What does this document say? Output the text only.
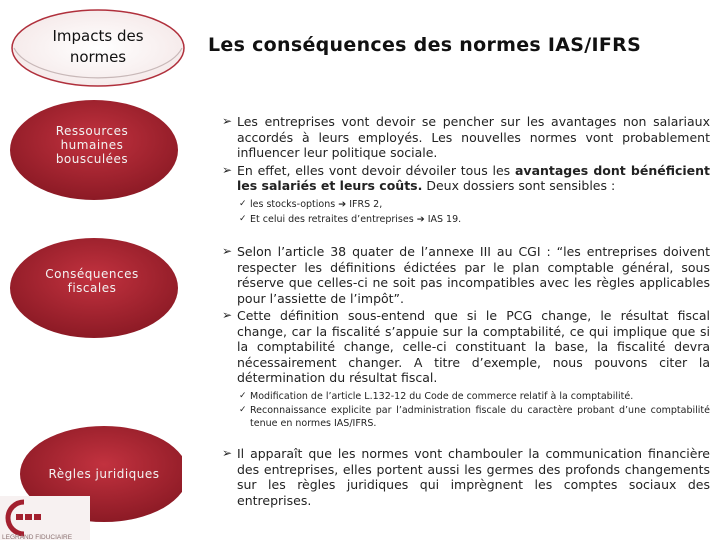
Impacts des
normes
Les conséquences des normes IAS/IFRS
Ressources
humaines
bousculées
Conséquences
fiscales
Règles juridiques
➢ Les entreprises vont devoir se pencher sur les avantages non salariaux accordés à leurs employés. Les nouvelles normes vont probablement influencer leur politique sociale.
➢ En effet, elles vont devoir dévoiler tous les avantages dont bénéficient les salariés et leurs coûts. Deux dossiers sont sensibles :
✓ les stocks-options ➔ IFRS 2,
✓ Et celui des retraites d’entreprises ➔ IAS 19.
➢ Selon l’article 38 quater de l’annexe III au CGI : “les entreprises doivent respecter les définitions édictées par le plan comptable général, sous réserve que celles-ci ne soit pas incompatibles avec les règles applicables pour l’assiette de l’impôt”.
➢ Cette définition sous-entend que si le PCG change, le résultat fiscal change, car la fiscalité s’appuie sur la comptabilité, ce qui implique que si la comptabilité change, celle-ci constituant la base, la fiscalité devra nécessairement changer. A titre d’exemple, nous pouvons citer la détermination du résultat fiscal.
✓ Modification de l’article L.132-12 du Code de commerce relatif à la comptabilité.
✓ Reconnaissance explicite par l’administration fiscale du caractère probant d’une comptabilité tenue en normes IAS/IFRS.
➢ Il apparaît que les normes vont chambouler la communication financière des entreprises, elles portent aussi les germes des profonds changements sur les règles juridiques qui imprègnent les comptes sociaux des entreprises.
LEGRAND FIDUCIAIRE
